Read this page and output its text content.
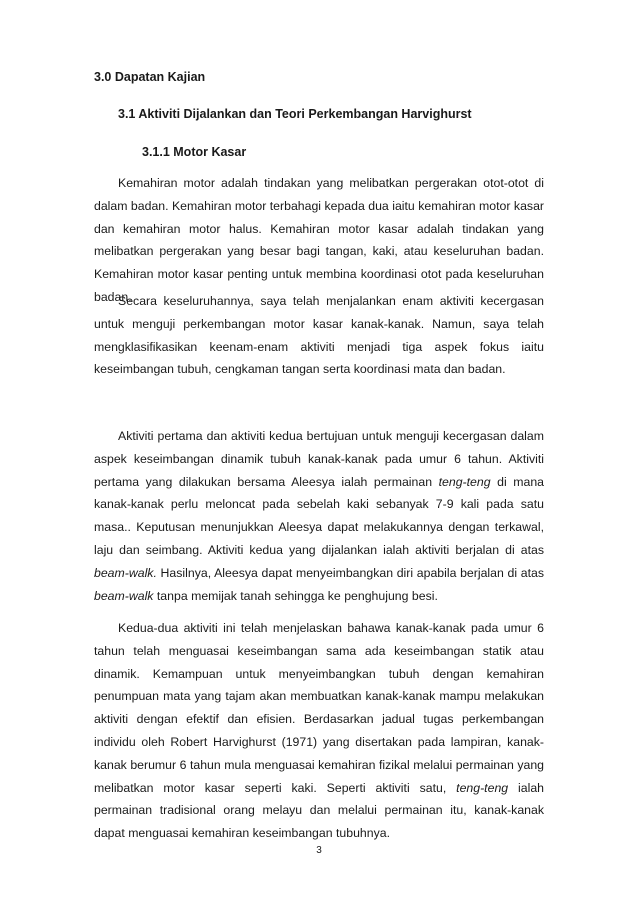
3.0 Dapatan Kajian
3.1 Aktiviti Dijalankan dan Teori Perkembangan Harvighurst
3.1.1 Motor Kasar

Kemahiran motor adalah tindakan yang melibatkan pergerakan otot-otot di dalam badan. Kemahiran motor terbahagi kepada dua iaitu kemahiran motor kasar dan kemahiran motor halus. Kemahiran motor kasar adalah tindakan yang melibatkan pergerakan yang besar bagi tangan, kaki, atau keseluruhan badan. Kemahiran motor kasar penting untuk membina koordinasi otot pada keseluruhan badan.

Secara keseluruhannya, saya telah menjalankan enam aktiviti kecergasan untuk menguji perkembangan motor kasar kanak-kanak. Namun, saya telah mengklasifikasikan keenam-enam aktiviti menjadi tiga aspek fokus iaitu keseimbangan tubuh, cengkaman tangan serta koordinasi mata dan badan.

Aktiviti pertama dan aktiviti kedua bertujuan untuk menguji kecergasan dalam aspek keseimbangan dinamik tubuh kanak-kanak pada umur 6 tahun. Aktiviti pertama yang dilakukan bersama Aleesya ialah permainan teng-teng di mana kanak-kanak perlu meloncat pada sebelah kaki sebanyak 7-9 kali pada satu masa.. Keputusan menunjukkan Aleesya dapat melakukannya dengan terkawal, laju dan seimbang. Aktiviti kedua yang dijalankan ialah aktiviti berjalan di atas beam-walk. Hasilnya, Aleesya dapat menyeimbangkan diri apabila berjalan di atas beam-walk tanpa memijak tanah sehingga ke penghujung besi.

Kedua-dua aktiviti ini telah menjelaskan bahawa kanak-kanak pada umur 6 tahun telah menguasai keseimbangan sama ada keseimbangan statik atau dinamik. Kemampuan untuk menyeimbangkan tubuh dengan kemahiran penumpuan mata yang tajam akan membuatkan kanak-kanak mampu melakukan aktiviti dengan efektif dan efisien. Berdasarkan jadual tugas perkembangan individu oleh Robert Harvighurst (1971) yang disertakan pada lampiran, kanak-kanak berumur 6 tahun mula menguasai kemahiran fizikal melalui permainan yang melibatkan motor kasar seperti kaki. Seperti aktiviti satu, teng-teng ialah permainan tradisional orang melayu dan melalui permainan itu, kanak-kanak dapat menguasai kemahiran keseimbangan tubuhnya.

3
